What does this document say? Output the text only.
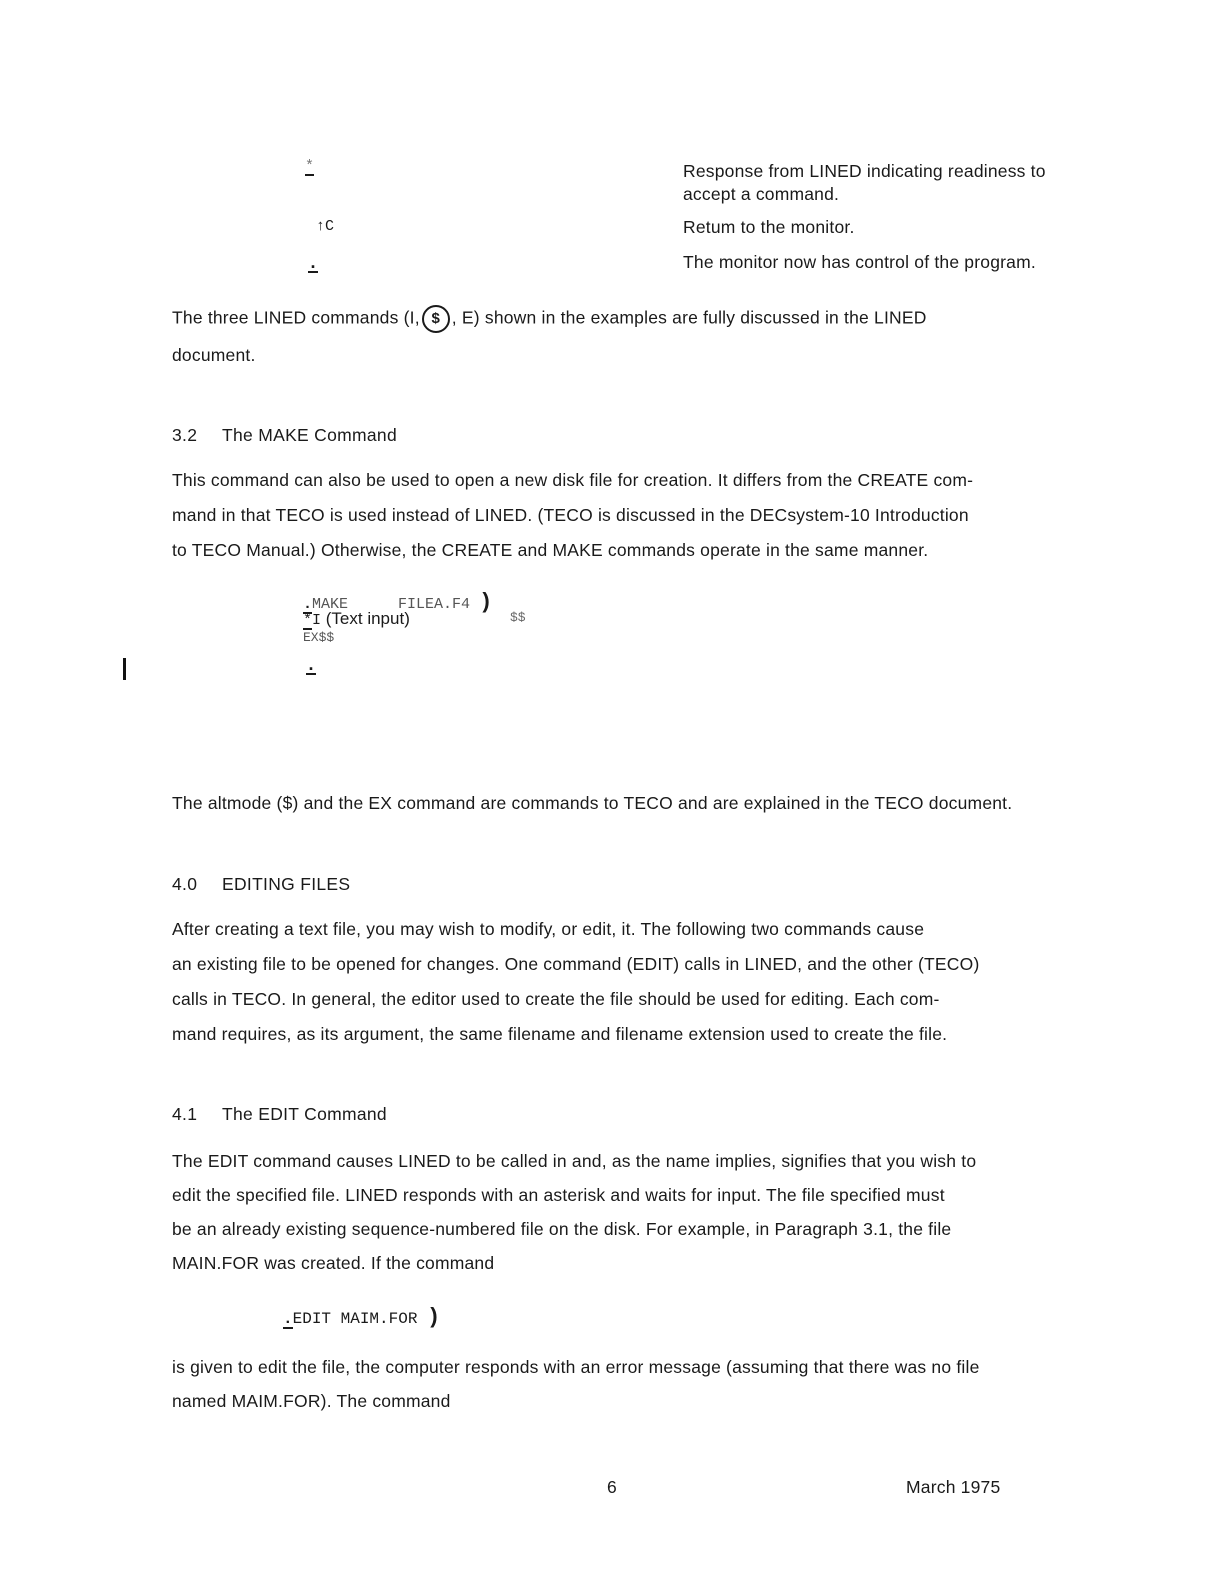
*	Response from LINED indicating readiness to
accept a command.
↑C	Retum to the monitor.
.	The monitor now has control of the program.
The three LINED commands (I, $ , E) shown in the examples are fully discussed in the LINED
document.
3.2 The MAKE Command
This command can also be used to open a new disk file for creation. It differs from the CREATE com-
mand in that TECO is used instead of LINED. (TECO is discussed in the DECsystem-10 Introduction
to TECO Manual.) Otherwise, the CREATE and MAKE commands operate in the same manner.
.MAKE	FILEA.F4 )
*I (Text input)	$$
EX$$
.
The altmode ($) and the EX command are commands to TECO and are explained in the TECO document.
4.0 EDITING FILES
After creating a text file, you may wish to modify, or edit, it. The following two commands cause
an existing file to be opened for changes. One command (EDIT) calls in LINED, and the other (TECO)
calls in TECO. In general, the editor used to create the file should be used for editing. Each com-
mand requires, as its argument, the same filename and filename extension used to create the file.
4.1 The EDIT Command
The EDIT command causes LINED to be called in and, as the name implies, signifies that you wish to
edit the specified file. LINED responds with an asterisk and waits for input. The file specified must
be an already existing sequence-numbered file on the disk. For example, in Paragraph 3.1, the file
MAIN.FOR was created. If the command
.EDIT MAIM.FOR )
is given to edit the file, the computer responds with an error message (assuming that there was no file
named MAIM.FOR). The command
6	March 1975
